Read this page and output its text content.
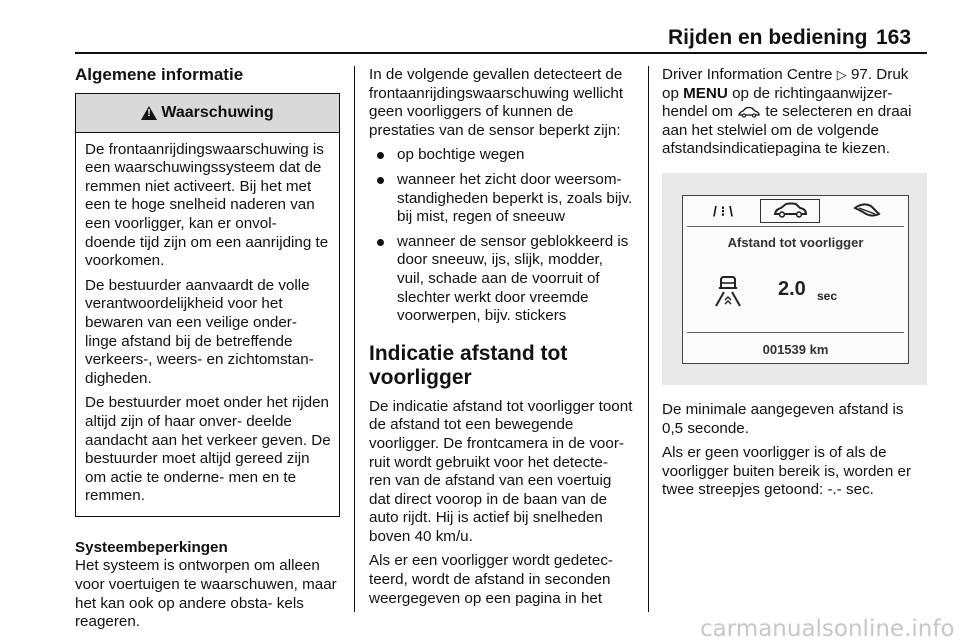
Rijden en bediening 163
Algemene informatie
!Waarschuwing

De frontaanrijdingswaarschuwing is een waarschuwingssysteem dat de remmen niet activeert. Bij het met een te hoge snelheid naderen van een voorligger, kan er onvol- doende tijd zijn om een aanrijding te voorkomen.

De bestuurder aanvaardt de volle verantwoordelijkheid voor het bewaren van een veilige onder- linge afstand bij de betreffende verkeers-, weers- en zichtomstan- digheden.

De bestuurder moet onder het rijden altijd zijn of haar onver- deelde aandacht aan het verkeer geven. De bestuurder moet altijd gereed zijn om actie te onderne- men en te remmen.

Systeembeperkingen

Het systeem is ontworpen om alleen voor voertuigen te waarschuwen, maar het kan ook op andere obsta- kels reageren.

In de volgende gevallen detecteert de frontaanrijdingswaarschuwing wellicht geen voorliggers of kunnen de prestaties van de sensor beperkt zijn:

op bochtige wegen
wanneer het zicht door weersom- standigheden beperkt is, zoals bijv. bij mist, regen of sneeuw
wanneer de sensor geblokkeerd is door sneeuw, ijs, slijk, modder, vuil, schade aan de voorruit of slechter werkt door vreemde voorwerpen, bijv. stickers
Indicatie afstand tot voorligger

De indicatie afstand tot voorligger toont de afstand tot een bewegende voorligger. De frontcamera in de voor- ruit wordt gebruikt voor het detecte- ren van de afstand van een voertuig dat direct voorop in de baan van de auto rijdt. Hij is actief bij snelheden boven 40 km/u.

Als er een voorligger wordt gedetec- teerd, wordt de afstand in seconden weergegeven op een pagina in het

Driver Information Centre ▷ 97. Druk op MENU op de richtingaanwijzer- hendel om te selecteren en draai aan het stelwiel om de volgende afstandsindicatiepagina te kiezen.

/ ⁝ \
Afstand tot voorligger
2.0 sec
001539 km

De minimale aangegeven afstand is 0,5 seconde.

Als er geen voorligger is of als de voorligger buiten bereik is, worden er twee streepjes getoond: -.- sec.

carmanualsonline.info
